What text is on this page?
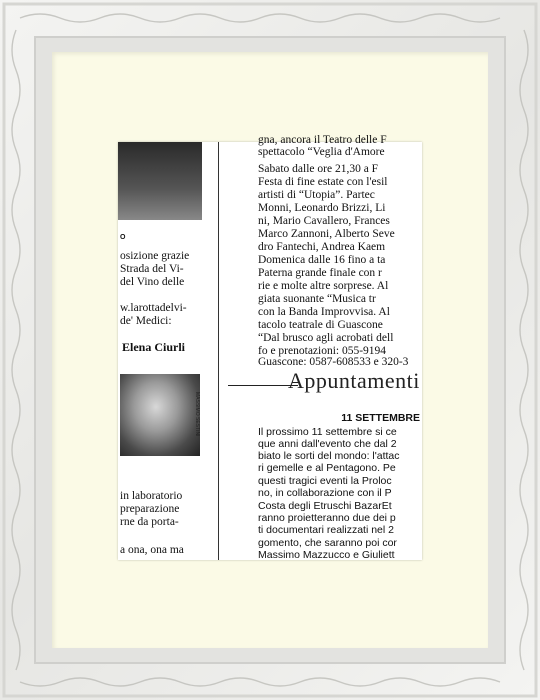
O
osizione grazie
Strada del Vi-
del Vino delle
w.larottadelvi-
de' Medici:
Elena Ciurli
MASSIMO SESTINI
in laboratorio
preparazione
rne da porta-
a ona, ona ma
gna, ancora il Teatro delle F
spettacolo “Veglia d'Amore
Sabato dalle ore 21,30 a F
Festa di fine estate con l'esil
artisti di “Utopia”. Partec
Monni, Leonardo Brizzi, Li
ni, Mario Cavallero, Frances
Marco Zannoni, Alberto Seve
dro Fantechi, Andrea Kaem
Domenica dalle 16 fino a ta
Paterna grande finale con r
rie e molte altre sorprese. Al
giata suonante “Musica tr
con la Banda Improvvisa. Al
tacolo teatrale di Guascone
“Dal brusco agli acrobati dell
fo e prenotazioni: 055-9194
Guascone: 0587-608533 e 320-3
Il prossimo 11 settembre si ce
que anni dall'evento che dal 2
biato le sorti del mondo: l'attac
ri gemelle e al Pentagono. Pe
questi tragici eventi la Proloc
no, in collaborazione con il P
Costa degli Etruschi BazarEt
ranno proietteranno due dei p
ti documentari realizzati nel 2
gomento, che saranno poi cor
Massimo Mazzucco e Giuliett
Appuntamenti
11 SETTEMBRE
